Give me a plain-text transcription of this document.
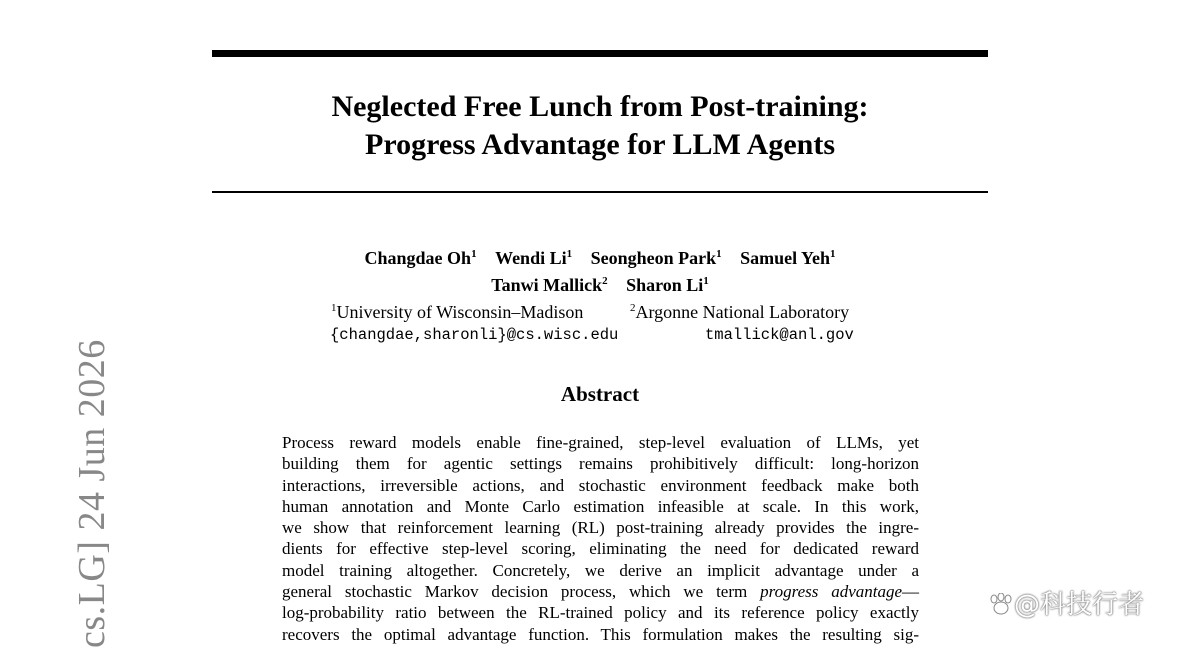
Neglected Free Lunch from Post-training:
Progress Advantage for LLM Agents
Changdae Oh$^1$ Wendi Li$^1$ Seongheon Park$^1$ Samuel Yeh$^1$
Tanwi Mallick$^2$ Sharon Li$^1$
$^1$University of Wisconsin–Madison	$^2$Argonne National Laboratory
{changdae,sharonli}@cs.wisc.edu	tmallick@anl.gov
Abstract
Process reward models enable fine-grained, step-level evaluation of LLMs, yet
building them for agentic settings remains prohibitively difficult: long-horizon
interactions, irreversible actions, and stochastic environment feedback make both
human annotation and Monte Carlo estimation infeasible at scale. In this work,
we show that reinforcement learning (RL) post-training already provides the ingre-
dients for effective step-level scoring, eliminating the need for dedicated reward
model training altogether. Concretely, we derive an implicit advantage under a
general stochastic Markov decision process, which we term progress advantage—
log-probability ratio between the RL-trained policy and its reference policy exactly
recovers the optimal advantage function. This formulation makes the resulting sig-
cs.LG] 24 Jun 2026	@科技行者
